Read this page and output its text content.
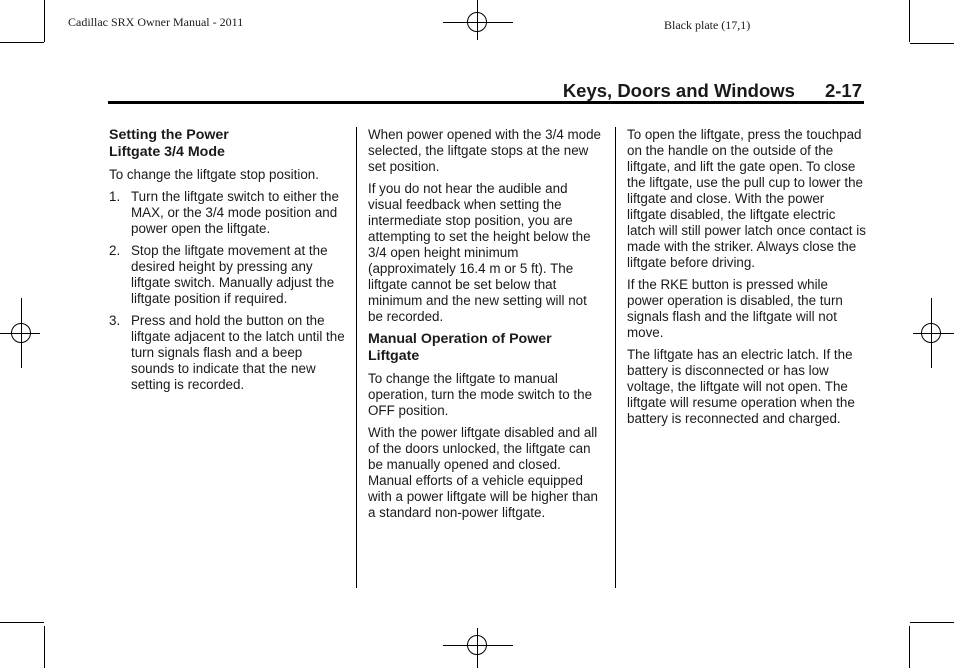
Cadillac SRX Owner Manual - 2011	Black plate (17,1)
Keys, Doors and Windows 2-17
Setting the Power
Liftgate 3/4 Mode

To change the liftgate stop position.

1. Turn the liftgate switch to either the MAX, or the 3/4 mode position and power open the liftgate.
2. Stop the liftgate movement at the desired height by pressing any liftgate switch. Manually adjust the liftgate position if required.
3. Press and hold the button on the liftgate adjacent to the latch until the turn signals flash and a beep sounds to indicate that the new setting is recorded.

When power opened with the 3/4 mode selected, the liftgate stops at the new set position.

If you do not hear the audible and visual feedback when setting the intermediate stop position, you are attempting to set the height below the 3/4 open height minimum (approximately 16.4 m or 5 ft). The liftgate cannot be set below that minimum and the new setting will not be recorded.

Manual Operation of Power Liftgate

To change the liftgate to manual operation, turn the mode switch to the OFF position.

With the power liftgate disabled and all of the doors unlocked, the liftgate can be manually opened and closed. Manual efforts of a vehicle equipped with a power liftgate will be higher than a standard non-power liftgate.

To open the liftgate, press the touchpad on the handle on the outside of the liftgate, and lift the gate open. To close the liftgate, use the pull cup to lower the liftgate and close. With the power liftgate disabled, the liftgate electric latch will still power latch once contact is made with the striker. Always close the liftgate before driving.

If the RKE button is pressed while power operation is disabled, the turn signals flash and the liftgate will not move.

The liftgate has an electric latch. If the battery is disconnected or has low voltage, the liftgate will not open. The liftgate will resume operation when the battery is reconnected and charged.
